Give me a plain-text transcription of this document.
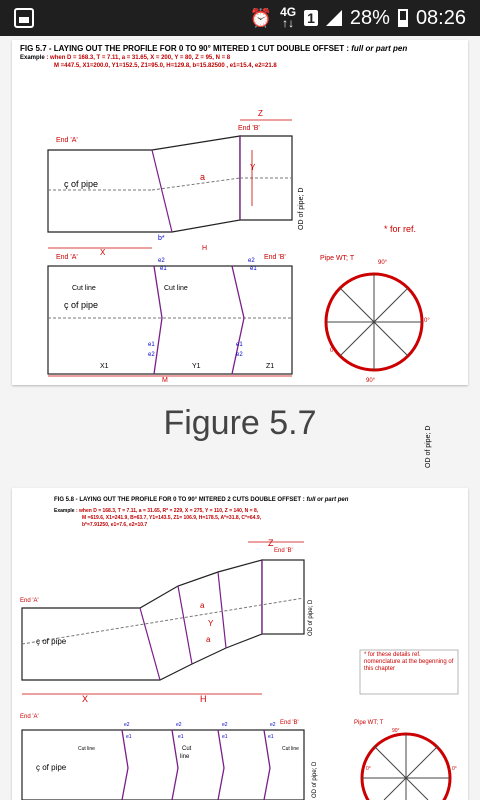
⏰ 4G
↑↓ 1 28% 08:26
FIG 5.7 - LAYING OUT THE PROFILE FOR 0 TO 90° MITERED 1 CUT DOUBLE OFFSET : full or part pen
Example : when D = 168.3, T = 7.11, a = 31.65, X = 200, Y = 80, Z = 95, N = 8
M =447.5, X1=200.0, Y1=152.5, Z1=95.0, H=129.8, b=15.82500 , e1=15.4, e2=21.8
Z
End 'B'
End 'A'
ç of pipe
a
Y
OD of pipe; D	* for ref.
X
b*
H
End 'A'	End 'B'
e2
e1
e2
e1
Cut line	Cut line
ç of pipe
e1
e2
e1
e2
X1	Y1	Z1
M
OD of pipe; D
Pipe WT; T
90°
0°
0°
90°
Figure 5.7
FIG 5.8 - LAYING OUT THE PROFILE FOR 0 TO 90° MITERED 2 CUTS DOUBLE OFFSET : full or part pen
Example : when D = 168.3, T = 7.11, a = 31.65, R* = 229, X = 275, Y = 110, Z = 140, N = 8,
M =619.6, X1=241.9, B=63.7, Y1=143.5, Z1= 106.9, H=178.5, A*=31.8, C*=64.9,
b*=7.91250, e1=7.6, e2=10.7
Z
End 'B'
End 'A'
ç of pipe
a
Y
a
OD of pipe; D
* for these details ref. nomenclature at the begenning of this chapter
X	H
End 'A'
End 'B'
e2	e2	e2	e2
e1	e1	e1	e1
Cut line	Cut
line
Cut line
ç of pipe
Pipe WT; T
90°
0°	0°
OD of pipe; D
